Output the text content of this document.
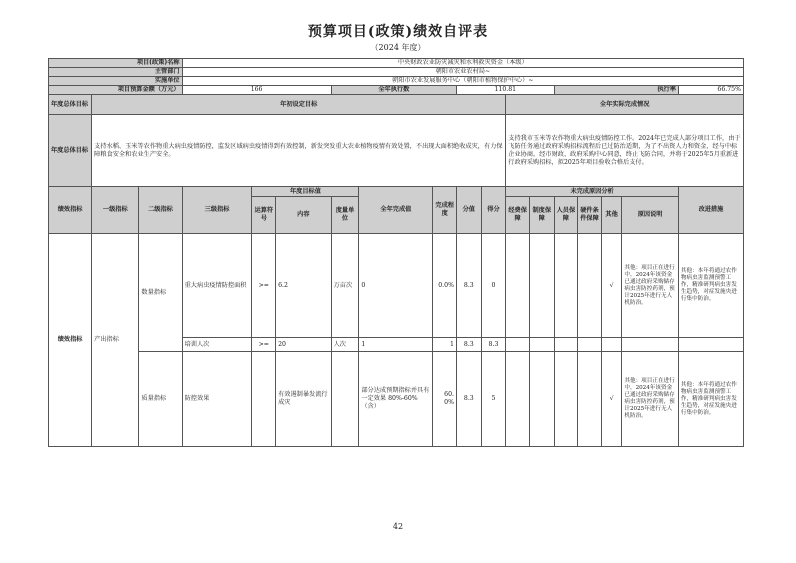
预算项目(政策)绩效自评表
（2024 年度）
项目(政策)名称			中央财政农业防灾减灾和水利救灾资金（本级）														
主管部门			朝阳市农业农村局~														
实施单位			朝阳市农业发展服务中心（朝阳市植物保护中心）~														
项目预算金额（万元）			166			全年执行数			110.81				执行率				66.75%
年度总体目标	年初设定目标										全年实际完成情况						
年度总体目标	支持水稻、玉米等农作物重大病虫疫情防控，监发区域病虫疫情得到有效控制，新发突发重大农业植物疫情有效处置，不出现大面积绝收成灾，有力保障粮食安全和农业生产安全。										支持我市玉米等农作物重大病虫疫情防控工作。2024年已完成人部分项目工作，由于飞防任务通过政府采购招标流程后已过防治适期，为了不出资人力和资金，经与中标企业协商，经市财政、政府采购中心同意，终止飞防合同，并将于2025年5月重新进行政府采购招标，拟2025年项目验收合格后支付。						
绩效指标	一级指标	二级指标	三级指标	年度目标值			全年完成值	完成程度	分值	得分	未完成原因分析						改进措施
				运算符号	内容	度量单位					经费保障	制度保障	人员保障	硬件条件保障	其他	原因说明	
绩效指标	产出指标	数量指标	重大病虫疫情防控面积	>=	6.2	万亩次	0	0.0%	8.3	0					√	其他：项目正在进行中，2024年该资金已通过政府采购储存病虫害防控药剂，预计2025年进行无人机防治。	其他：本年将通过农作物病虫害监测预警工作，精准研判病虫害发生趋势，对症发施央进行集中防治。
			培训人次	>=	20	人次	1	1	8.3	8.3							
		质量指标	防控效果		有效遏制暴发流行成灾		部分达成预期指标并具有一定效果 80%-60%（含）	60.0%	8.3	5					√	其他：项目正在进行中，2024年该资金已通过政府采购储存病虫害防控药剂，预计2025年进行无人机防治。	其他：本年将通过农作物病虫害监测预警工作，精准研判病虫害发生趋势，对症发施央进行集中防治。
42
